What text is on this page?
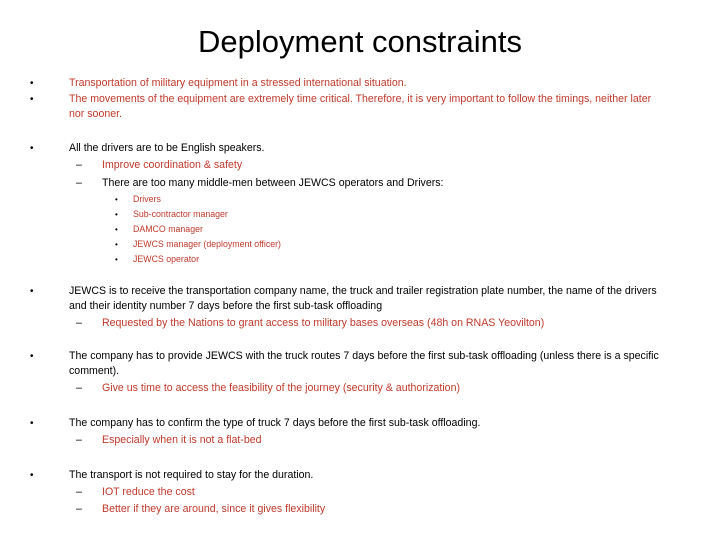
Deployment constraints
•	Transportation of military equipment in a stressed international situation.
•	The movements of the equipment are extremely time critical. Therefore, it is very important to follow the timings, neither later nor sooner.
•	All the drivers are to be English speakers.
– Improve coordination & safety
– There are too many middle-men between JEWCS operators and Drivers:
• Drivers
• Sub-contractor manager
• DAMCO manager
• JEWCS manager (deployment officer)
• JEWCS operator
•	JEWCS is to receive the transportation company name, the truck and trailer registration plate number, the name of the drivers and their identity number 7 days before the first sub-task offloading
– Requested by the Nations to grant access to military bases overseas (48h on RNAS Yeovilton)
•	The company has to provide JEWCS with the truck routes 7 days before the first sub-task offloading (unless there is a specific comment).
– Give us time to access the feasibility of the journey (security & authorization)
•	The company has to confirm the type of truck 7 days before the first sub-task offloading.
– Especially when it is not a flat-bed
•	The transport is not required to stay for the duration.
– IOT reduce the cost
– Better if they are around, since it gives flexibility
